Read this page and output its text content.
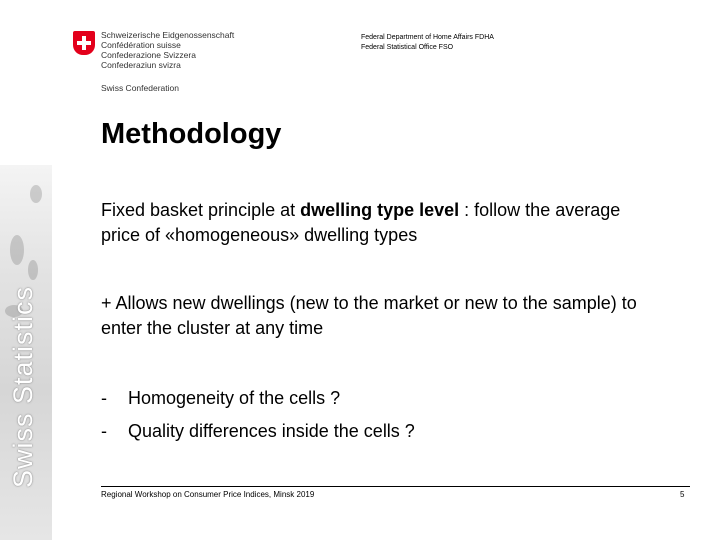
Swiss Statistics
Schweizerische Eidgenossenschaft
Confédération suisse
Confederazione Svizzera
Confederaziun svizra
Swiss Confederation
Federal Department of Home Affairs FDHA
Federal Statistical Office FSO
Methodology

Fixed basket principle at dwelling type level : follow the average price of «homogeneous» dwelling types

+ Allows new dwellings (new to the market or new to the sample) to enter the cluster at any time

- Homogeneity of the cells ?
- Quality differences inside the cells ?
Regional Workshop on Consumer Price Indices, Minsk 2019	5
